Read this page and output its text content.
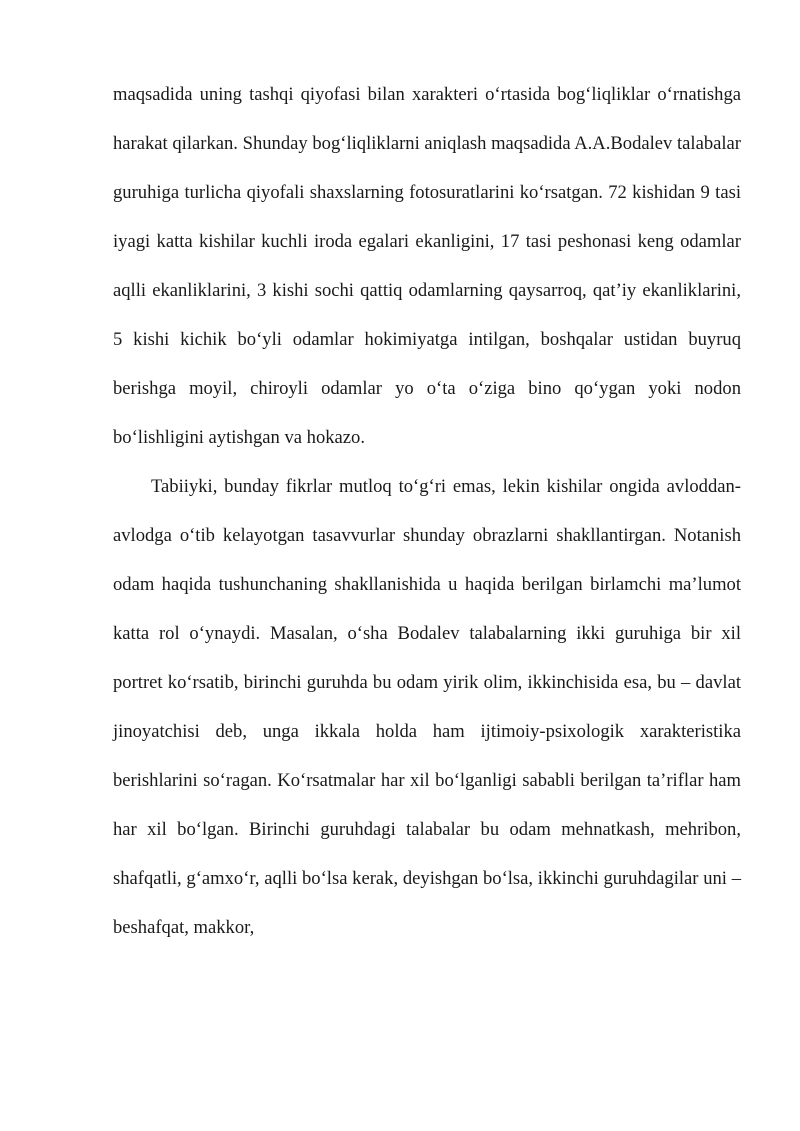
maqsadida uning tashqi qiyofasi bilan xarakteri o‘rtasida bog‘liqliklar o‘rnatishga harakat qilarkan. Shunday bog‘liqliklarni aniqlash maqsadida A.A.Bodalev talabalar guruhiga turlicha qiyofali shaxslarning fotosuratlarini ko‘rsatgan. 72 kishidan 9 tasi iyagi katta kishilar kuchli iroda egalari ekanligini, 17 tasi peshonasi keng odamlar aqlli ekanliklarini, 3 kishi sochi qattiq odamlarning qaysarroq, qat’iy ekanliklarini, 5 kishi kichik bo‘yli odamlar hokimiyatga intilgan, boshqalar ustidan buyruq berishga moyil, chiroyli odamlar yo o‘ta o‘ziga bino qo‘ygan yoki nodon bo‘lishligini aytishgan va hokazo.

Tabiiyki, bunday fikrlar mutloq to‘g‘ri emas, lekin kishilar ongida avloddan-avlodga o‘tib kelayotgan tasavvurlar shunday obrazlarni shakllantirgan. Notanish odam haqida tushunchaning shakllanishida u haqida berilgan birlamchi ma’lumot katta rol o‘ynaydi. Masalan, o‘sha Bodalev talabalarning ikki guruhiga bir xil portret ko‘rsatib, birinchi guruhda bu odam yirik olim, ikkinchisida esa, bu – davlat jinoyatchisi deb, unga ikkala holda ham ijtimoiy-psixologik xarakteristika berishlarini so‘ragan. Ko‘rsatmalar har xil bo‘lganligi sababli berilgan ta’riflar ham har xil bo‘lgan. Birinchi guruhdagi talabalar bu odam mehnatkash, mehribon, shafqatli, g‘amxo‘r, aqlli bo‘lsa kerak, deyishgan bo‘lsa, ikkinchi guruhdagilar uni – beshafqat, makkor,
